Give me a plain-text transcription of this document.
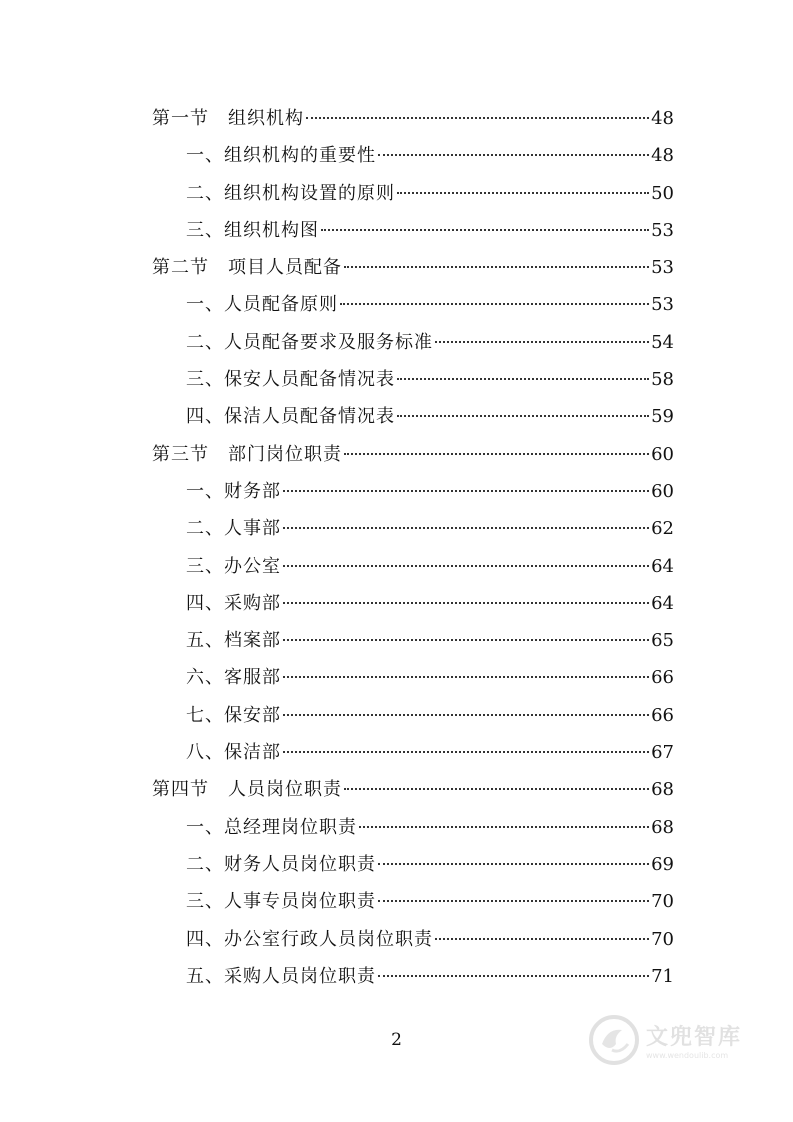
第一节 组织机构	48
一、组织机构的重要性	48
二、组织机构设置的原则	50
三、组织机构图	53
第二节 项目人员配备	53
一、人员配备原则	53
二、人员配备要求及服务标准	54
三、保安人员配备情况表	58
四、保洁人员配备情况表	59
第三节 部门岗位职责	60
一、财务部	60
二、人事部	62
三、办公室	64
四、采购部	64
五、档案部	65
六、客服部	66
七、保安部	66
八、保洁部	67
第四节 人员岗位职责	68
一、总经理岗位职责	68
二、财务人员岗位职责	69
三、人事专员岗位职责	70
四、办公室行政人员岗位职责	70
五、采购人员岗位职责	71
2	文兜智库
www.wendoulib.com
